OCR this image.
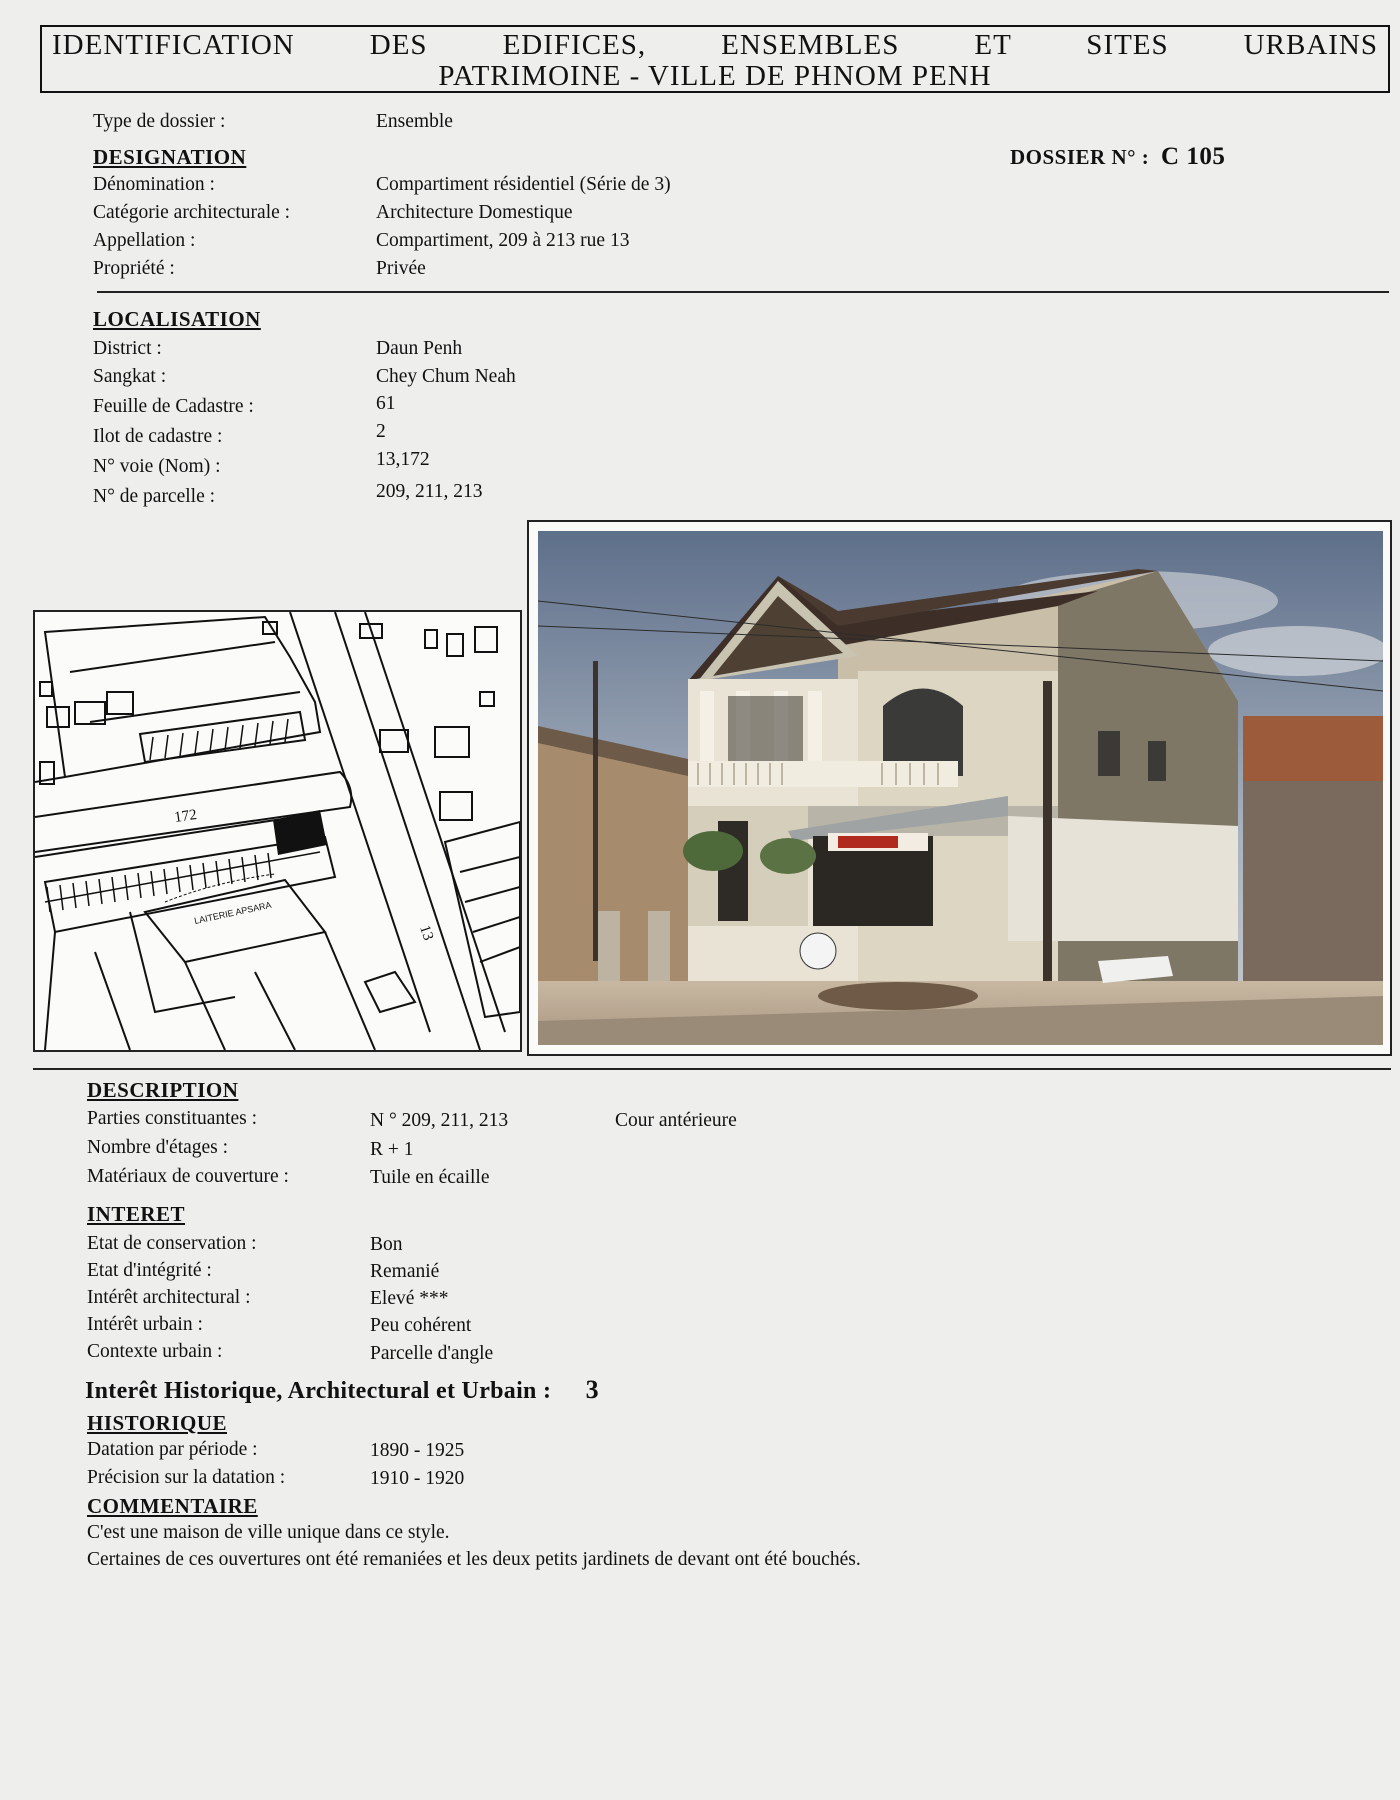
IDENTIFICATION DES EDIFICES, ENSEMBLES ET SITES URBAINS
PATRIMOINE - VILLE DE PHNOM PENH
Type de dossier :	Ensemble
DESIGNATION	DOSSIER N° : C 105
Dénomination :	Compartiment résidentiel (Série de 3)
Catégorie architecturale :	Architecture Domestique
Appellation :	Compartiment, 209 à 213 rue 13
Propriété :	Privée
LOCALISATION
District :	Daun Penh
Sangkat :	Chey Chum Neah
Feuille de Cadastre :	61
Ilot de cadastre :	2
N° voie (Nom) :	13,172
N° de parcelle :	209, 211, 213
172
13
LAITERIE APSARA
DESCRIPTION
Parties constituantes :	N ° 209, 211, 213	Cour antérieure
Nombre d'étages :	R + 1
Matériaux de couverture :	Tuile en écaille
INTERET
Etat de conservation :	Bon
Etat d'intégrité :	Remanié
Intérêt architectural :	Elevé ***
Intérêt urbain :	Peu cohérent
Contexte urbain :	Parcelle d'angle
Interêt Historique, Architectural et Urbain : 3
HISTORIQUE
Datation par période :	1890 - 1925
Précision sur la datation :	1910 - 1920
COMMENTAIRE
C'est une maison de ville unique dans ce style.
Certaines de ces ouvertures ont été remaniées et les deux petits jardinets de devant ont été bouchés.
